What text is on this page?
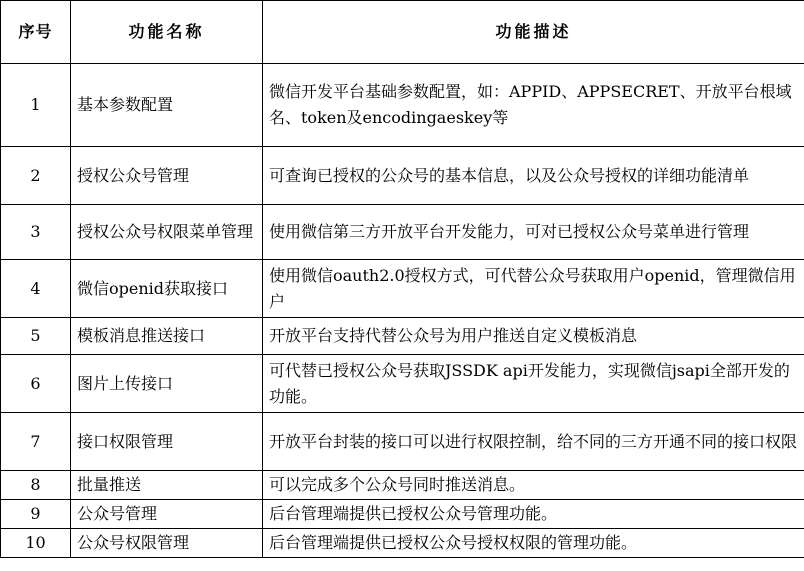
序号	功能名称	功能描述
1	基本参数配置	微信开发平台基础参数配置，如：APPID、APPSECRET、开放平台根域名、token及encodingaeskey等
2	授权公众号管理	可查询已授权的公众号的基本信息，以及公众号授权的详细功能清单
3	授权公众号权限菜单管理	使用微信第三方开放平台开发能力，可对已授权公众号菜单进行管理
4	微信openid获取接口	使用微信oauth2.0授权方式，可代替公众号获取用户openid，管理微信用户
5	模板消息推送接口	开放平台支持代替公众号为用户推送自定义模板消息
6	图片上传接口	可代替已授权公众号获取JSSDK api开发能力，实现微信jsapi全部开发的功能。
7	接口权限管理	开放平台封装的接口可以进行权限控制，给不同的三方开通不同的接口权限
8	批量推送	可以完成多个公众号同时推送消息。
9	公众号管理	后台管理端提供已授权公众号管理功能。
10	公众号权限管理	后台管理端提供已授权公众号授权权限的管理功能。
